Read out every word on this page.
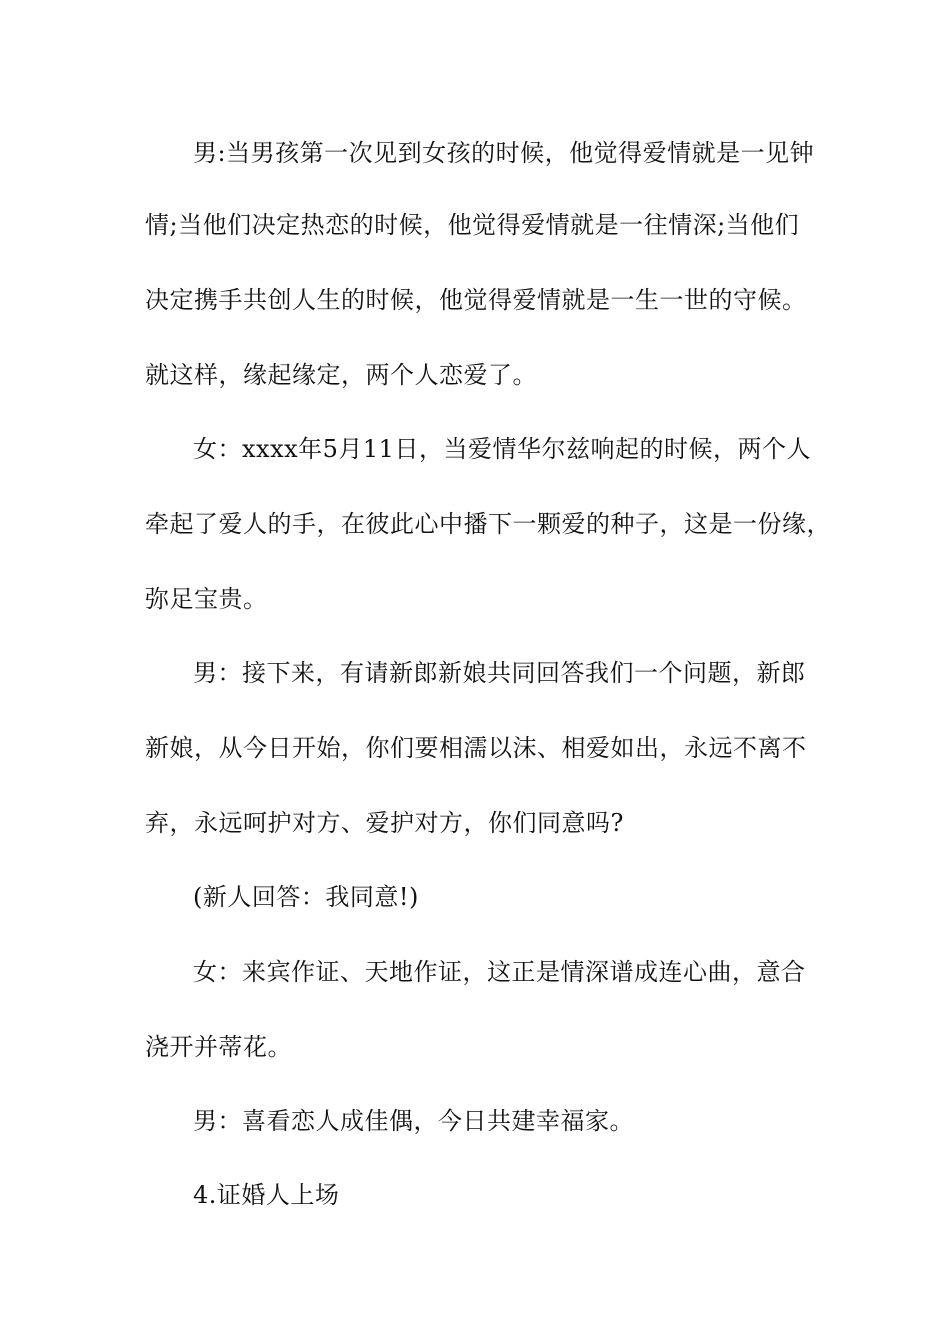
男:当男孩第一次见到女孩的时候，他觉得爱情就是一见钟
情;当他们决定热恋的时候，他觉得爱情就是一往情深;当他们
决定携手共创人生的时候，他觉得爱情就是一生一世的守候。
就这样，缘起缘定，两个人恋爱了。
女：xxxx年5月11日，当爱情华尔兹响起的时候，两个人
牵起了爱人的手，在彼此心中播下一颗爱的种子，这是一份缘，
弥足宝贵。
男：接下来，有请新郎新娘共同回答我们一个问题，新郎
新娘，从今日开始，你们要相濡以沫、相爱如出，永远不离不
弃，永远呵护对方、爱护对方，你们同意吗?
(新人回答：我同意!)
女：来宾作证、天地作证，这正是情深谱成连心曲，意合
浇开并蒂花。
男：喜看恋人成佳偶，今日共建幸福家。
4.证婚人上场
